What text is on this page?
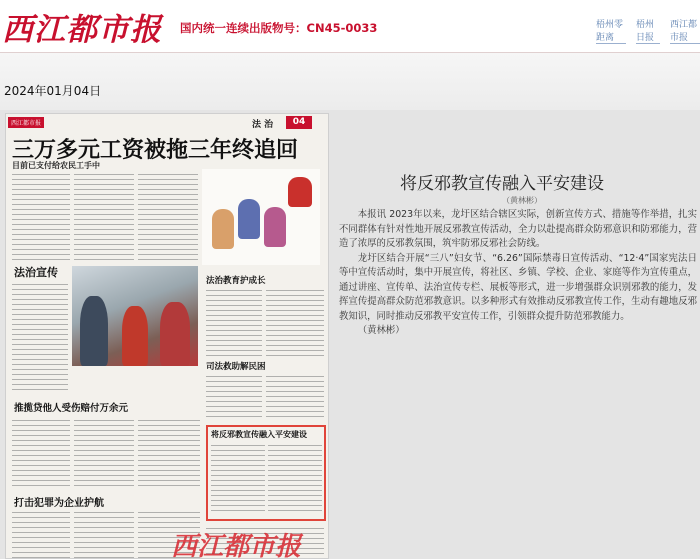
西江都市报 国内统一连续出版物号：CN45-0033	梧州零距离
梧州日报
西江都市报
2024年01月04日
西江都市报	法 治	04
三万多元工资被拖三年终追回
目前已支付给农民工手中
法治宣传
法治教育护成长
司法救助解民困
推揽贷他人受伤赔付万余元
将反邪教宣传融入平安建设
打击犯罪为企业护航
西江都市报
将反邪教宣传融入平安建设
（黄林彬）

本报讯 2023年以来，龙圩区结合辖区实际，创新宣传方式、措施等作举措，扎实不同群体有针对性地开展反邪教宣传活动，全力以赴提高群众防邪意识和防邪能力，营造了浓厚的反邪教氛围，筑牢防邪反邪社会防线。

龙圩区结合开展“三八”妇女节、“6.26”国际禁毒日宣传活动、“12·4”国家宪法日等中宣传活动时，集中开展宣传，将社区、乡镇、学校、企业、家庭等作为宣传重点，通过讲座、宣传单、法治宣传专栏、展板等形式，进一步增强群众识别邪教的能力，发挥宣传提高群众防范邪教意识。以多种形式有效推动反邪教宣传工作，生动有趣地反邪教知识，同时推动反邪教平安宣传工作，引领群众提升防范邪教能力。

（黄林彬）
